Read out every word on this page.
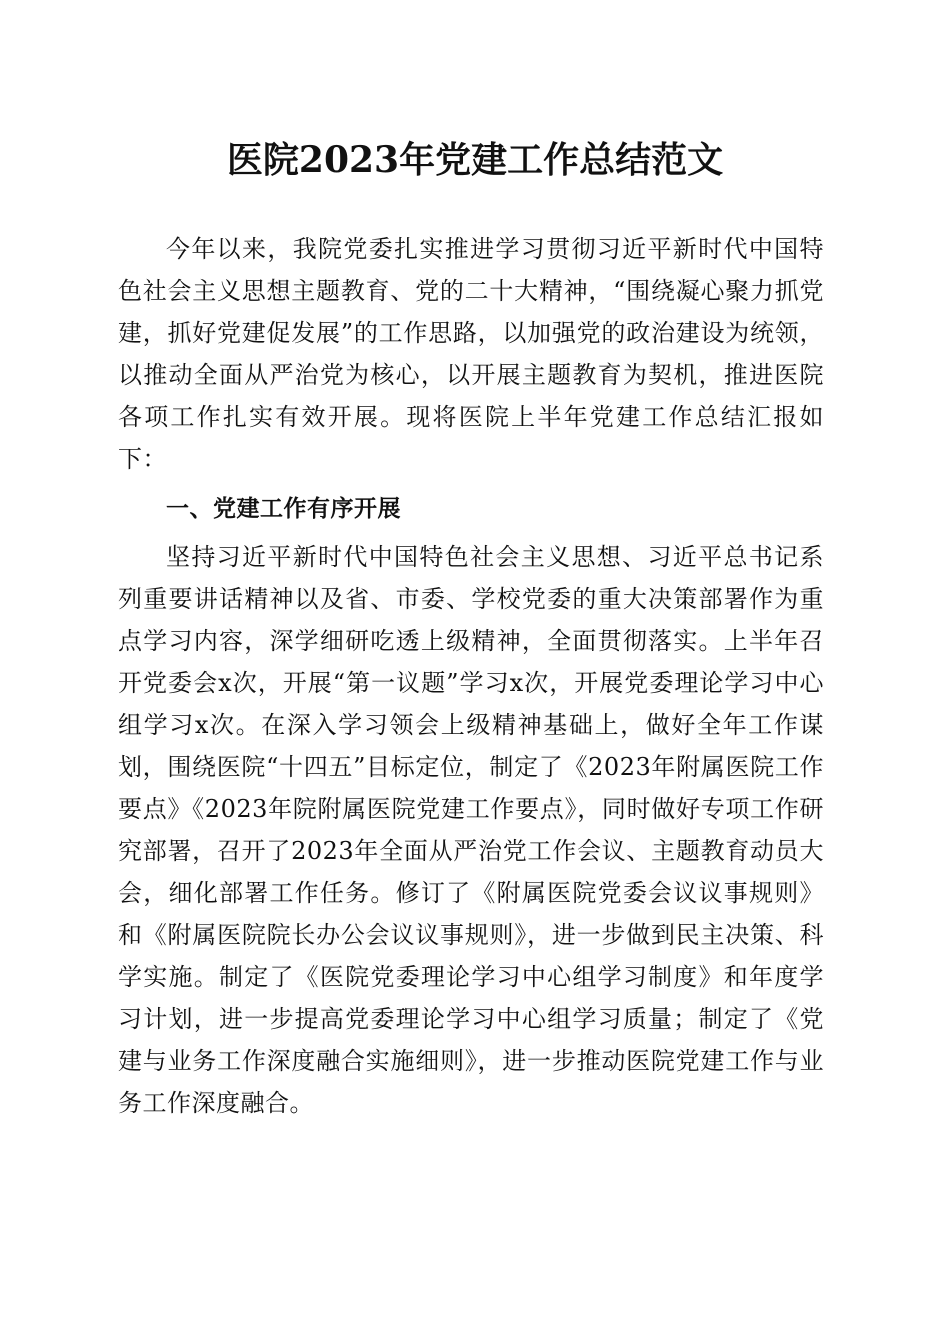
医院2023年党建工作总结范文

今年以来，我院党委扎实推进学习贯彻习近平新时代中国特色社会主义思想主题教育、党的二十大精神，“围绕凝心聚力抓党建，抓好党建促发展”的工作思路，以加强党的政治建设为统领，以推动全面从严治党为核心，以开展主题教育为契机，推进医院各项工作扎实有效开展。现将医院上半年党建工作总结汇报如下：

一、党建工作有序开展

坚持习近平新时代中国特色社会主义思想、习近平总书记系列重要讲话精神以及省、市委、学校党委的重大决策部署作为重点学习内容，深学细研吃透上级精神，全面贯彻落实。上半年召开党委会x次，开展“第一议题”学习x次，开展党委理论学习中心组学习x次。在深入学习领会上级精神基础上，做好全年工作谋划，围绕医院“十四五”目标定位，制定了《2023年附属医院工作要点》《2023年院附属医院党建工作要点》，同时做好专项工作研究部署，召开了2023年全面从严治党工作会议、主题教育动员大会，细化部署工作任务。修订了《附属医院党委会议议事规则》和《附属医院院长办公会议议事规则》，进一步做到民主决策、科学实施。制定了《医院党委理论学习中心组学习制度》和年度学习计划，进一步提高党委理论学习中心组学习质量；制定了《党建与业务工作深度融合实施细则》，进一步推动医院党建工作与业务工作深度融合。
